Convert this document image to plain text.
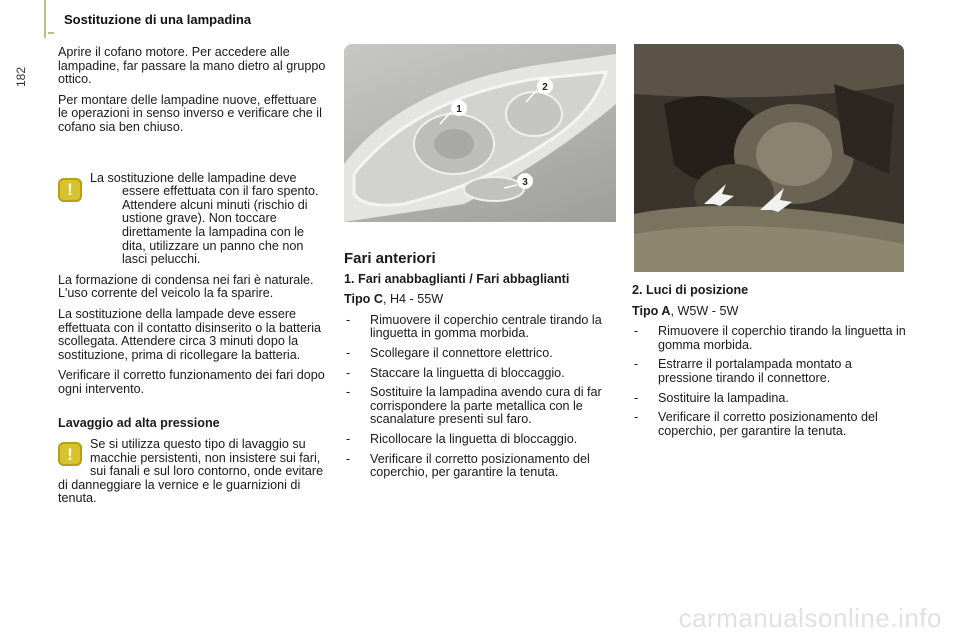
182
Sostituzione di una lampadina

Aprire il cofano motore. Per accedere alle lampadine, far passare la mano dietro al gruppo ottico.

Per montare delle lampadine nuove, effettuare le operazioni in senso inverso e verificare che il cofano sia ben chiuso.

!

La sostituzione delle lampadine deve essere effettuata con il faro spento. Attendere alcuni minuti (rischio di ustione grave). Non toccare direttamente la lampadina con le dita, utilizzare un panno che non lasci pelucchi.

La formazione di condensa nei fari è naturale. L'uso corrente del veicolo la fa sparire.

La sostituzione della lampade deve essere effettuata con il contatto disinserito o la batteria scollegata. Attendere circa 3 minuti dopo la sostituzione, prima di ricollegare la batteria.

Verificare il corretto funzionamento dei fari dopo ogni intervento.

Lavaggio ad alta pressione

!

Se si utilizza questo tipo di lavaggio su macchie persistenti, non insistere sui fari, sui fanali e sul loro contorno, onde evitare di danneggiare la vernice e le guarnizioni di tenuta.

1
2
3

Fari anteriori

1. Fari anabbaglianti / Fari abbaglianti

Tipo C, H4 - 55W

- Rimuovere il coperchio centrale tirando la linguetta in gomma morbida.
- Scollegare il connettore elettrico.
- Staccare la linguetta di bloccaggio.
- Sostituire la lampadina avendo cura di far corrispondere la parte metallica con le scanalature presenti sul faro.
- Ricollocare la linguetta di bloccaggio.
- Verificare il corretto posizionamento del coperchio, per garantire la tenuta.

2. Luci di posizione

Tipo A, W5W - 5W

- Rimuovere il coperchio tirando la linguetta in gomma morbida.
- Estrarre il portalampada montato a pressione tirando il connettore.
- Sostituire la lampadina.
- Verificare il corretto posizionamento del coperchio, per garantire la tenuta.
carmanualsonline.info
